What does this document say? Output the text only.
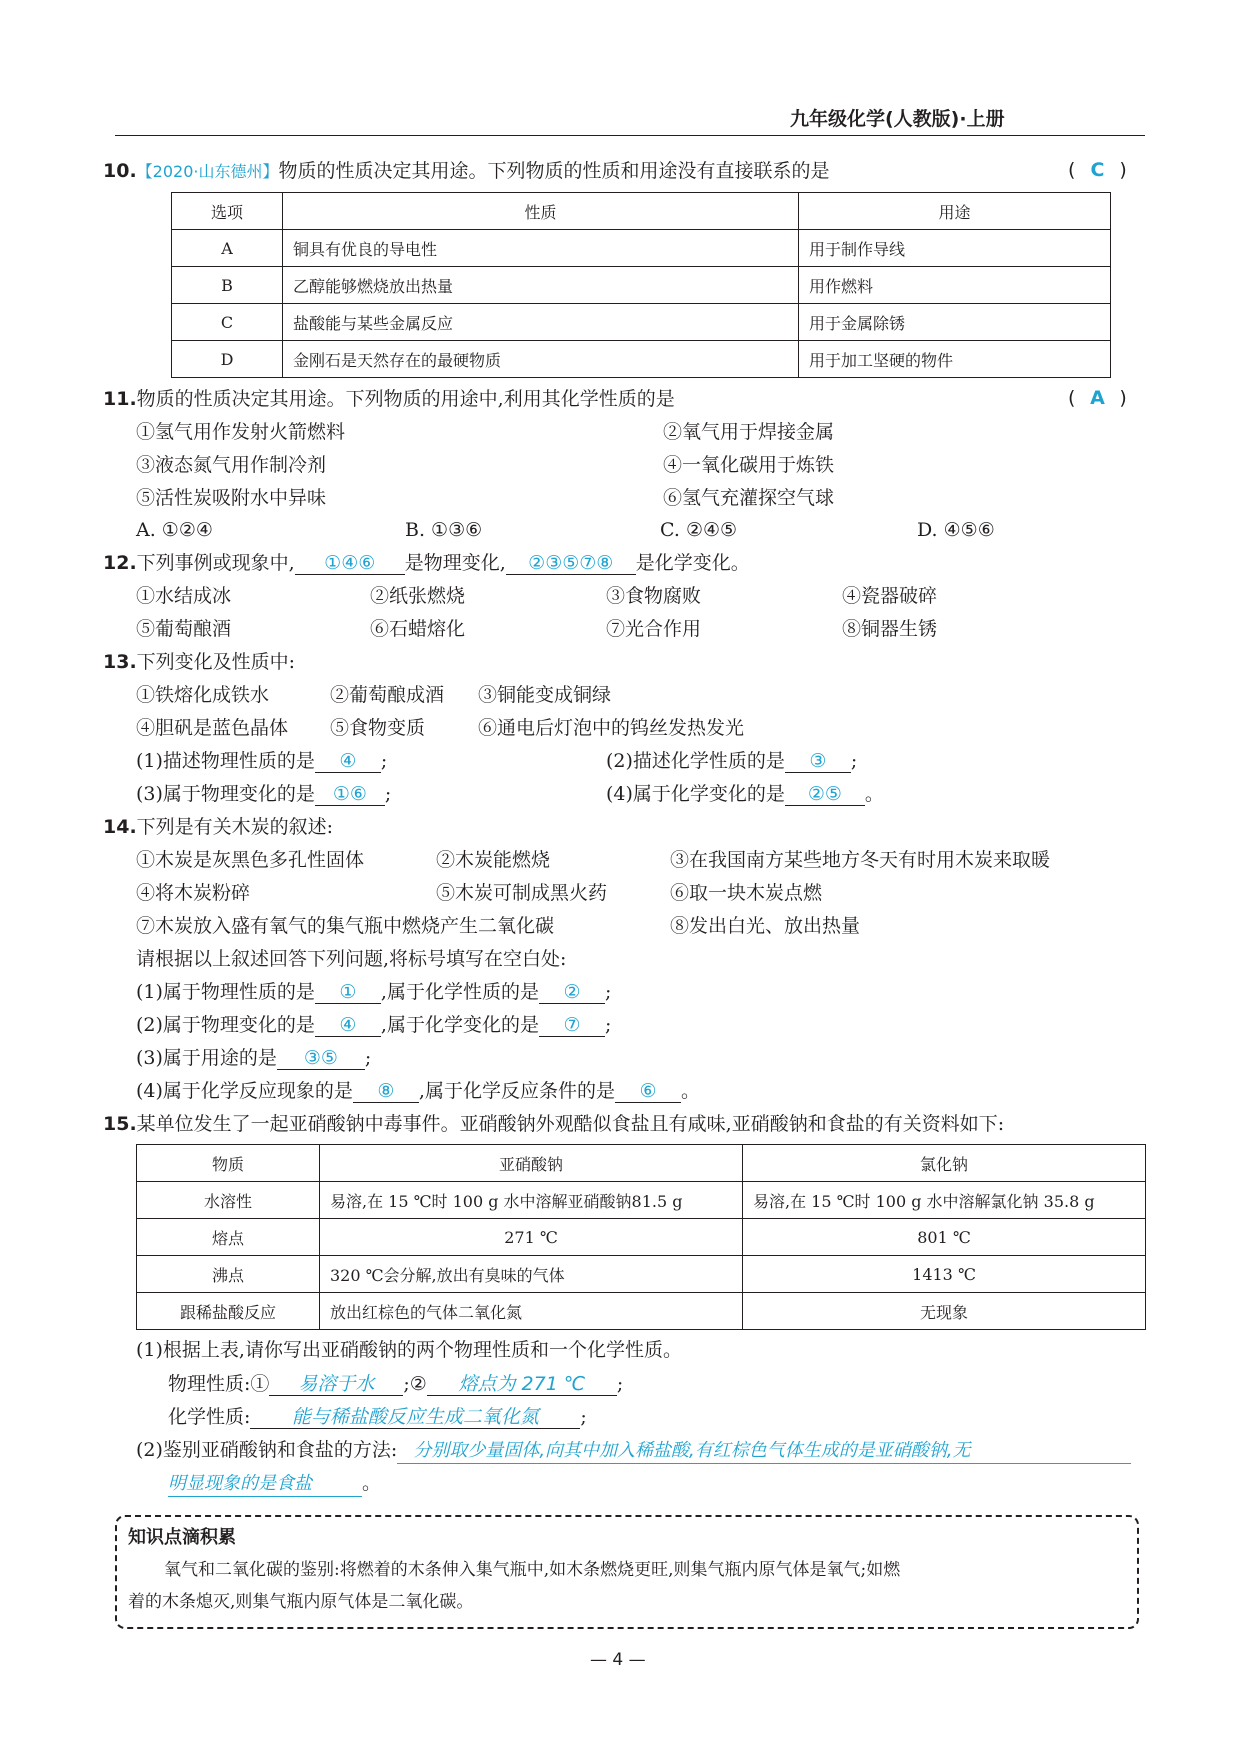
九年级化学(人教版)·上册
10.【2020·山东德州】物质的性质决定其用途。下列物质的性质和用途没有直接联系的是	( C )
选项	性质	用途
A	铜具有优良的导电性	用于制作导线
B	乙醇能够燃烧放出热量	用作燃料
C	盐酸能与某些金属反应	用于金属除锈
D	金刚石是天然存在的最硬物质	用于加工坚硬的物件
11.物质的性质决定其用途。下列物质的用途中,利用其化学性质的是	( A )
①氢气用作发射火箭燃料	②氧气用于焊接金属
③液态氮气用作制冷剂	④一氧化碳用于炼铁
⑤活性炭吸附水中异味	⑥氢气充灌探空气球
A. ①②④	B. ①③⑥	C. ②④⑤	D. ④⑤⑥
12.下列事例或现象中, ①④⑥ 是物理变化, ②③⑤⑦⑧ 是化学变化。
①水结成冰	②纸张燃烧	③食物腐败	④瓷器破碎
⑤葡萄酿酒	⑥石蜡熔化	⑦光合作用	⑧铜器生锈
13.下列变化及性质中:
①铁熔化成铁水	②葡萄酿成酒 ③铜能变成铜绿
④胆矾是蓝色晶体 ⑤食物变质	⑥通电后灯泡中的钨丝发热发光
(1)描述物理性质的是 ④ ;	(2)描述化学性质的是 ③ ;
(3)属于物理变化的是 ①⑥ ;	(4)属于化学变化的是 ②⑤ 。
14.下列是有关木炭的叙述:
①木炭是灰黑色多孔性固体	②木炭能燃烧	③在我国南方某些地方冬天有时用木炭来取暖
④将木炭粉碎	⑤木炭可制成黑火药	⑥取一块木炭点燃
⑦木炭放入盛有氧气的集气瓶中燃烧产生二氧化碳	⑧发出白光、放出热量
请根据以上叙述回答下列问题,将标号填写在空白处:
(1)属于物理性质的是 ① ,属于化学性质的是 ② ;
(2)属于物理变化的是 ④ ,属于化学变化的是 ⑦ ;
(3)属于用途的是 ③⑤ ;
(4)属于化学反应现象的是 ⑧ ,属于化学反应条件的是 ⑥ 。
15.某单位发生了一起亚硝酸钠中毒事件。亚硝酸钠外观酷似食盐且有咸味,亚硝酸钠和食盐的有关资料如下:
物质	亚硝酸钠	氯化钠
水溶性	易溶,在 15 ℃时 100 g 水中溶解亚硝酸钠81.5 g	易溶,在 15 ℃时 100 g 水中溶解氯化钠 35.8 g
熔点	271 ℃	801 ℃
沸点	320 ℃会分解,放出有臭味的气体	1413 ℃
跟稀盐酸反应	放出红棕色的气体二氧化氮	无现象
(1)根据上表,请你写出亚硝酸钠的两个物理性质和一个化学性质。
物理性质:① 易溶于水 ;② 熔点为 271 ℃ ;
化学性质: 能与稀盐酸反应生成二氧化氮 ;
(2)鉴别亚硝酸钠和食盐的方法: 分别取少量固体,向其中加入稀盐酸,有红棕色气体生成的是亚硝酸钠,无
明显现象的是食盐	。
知识点滴积累
氧气和二氧化碳的鉴别:将燃着的木条伸入集气瓶中,如木条燃烧更旺,则集气瓶内原气体是氧气;如燃
着的木条熄灭,则集气瓶内原气体是二氧化碳。
— 4 —
